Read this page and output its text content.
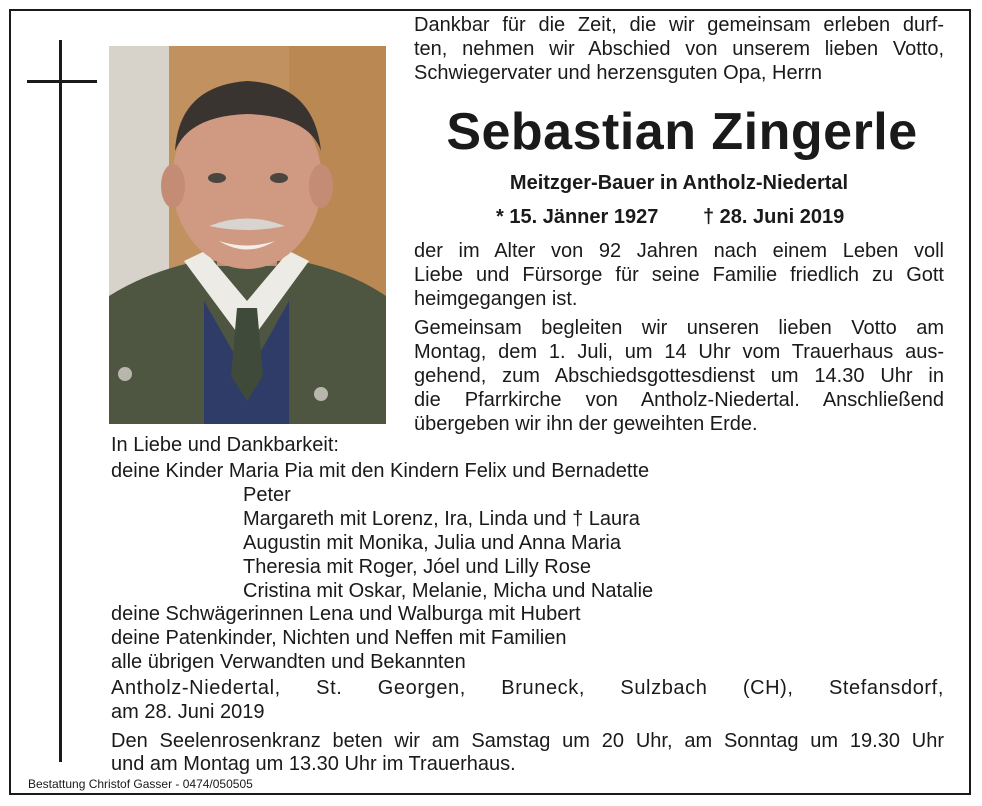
Dankbar für die Zeit, die wir gemeinsam erleben durf-
ten, nehmen wir Abschied von unserem lieben Votto,
Schwiegervater und herzensguten Opa, Herrn
Sebastian Zingerle
Meitzger-Bauer in Antholz-Niedertal
* 15. Jänner 1927 † 28. Juni 2019
der im Alter von 92 Jahren nach einem Leben voll
Liebe und Fürsorge für seine Familie friedlich zu Gott
heimgegangen ist.
Gemeinsam begleiten wir unseren lieben Votto am
Montag, dem 1. Juli, um 14 Uhr vom Trauerhaus aus-
gehend, zum Abschiedsgottesdienst um 14.30 Uhr in
die Pfarrkirche von Antholz-Niedertal. Anschließend
übergeben wir ihn der geweihten Erde.
In Liebe und Dankbarkeit:
deine Kinder Maria Pia mit den Kindern Felix und Bernadette
Peter
Margareth mit Lorenz, Ira, Linda und † Laura
Augustin mit Monika, Julia und Anna Maria
Theresia mit Roger, Jóel und Lilly Rose
Cristina mit Oskar, Melanie, Micha und Natalie
deine Schwägerinnen Lena und Walburga mit Hubert
deine Patenkinder, Nichten und Neffen mit Familien
alle übrigen Verwandten und Bekannten
Antholz-Niedertal, St. Georgen, Bruneck, Sulzbach (CH), Stefansdorf,
am 28. Juni 2019
Den Seelenrosenkranz beten wir am Samstag um 20 Uhr, am Sonntag um 19.30 Uhr
und am Montag um 13.30 Uhr im Trauerhaus.
Bestattung Christof Gasser - 0474/050505
